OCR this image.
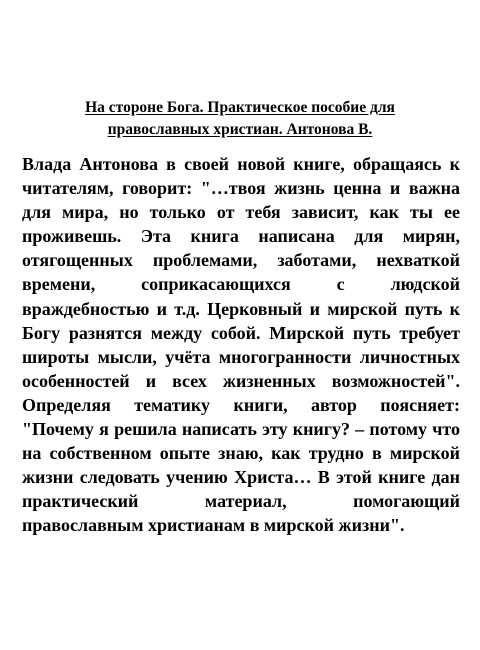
На стороне Бога. Практическое пособие для православных христиан. Антонова В.

Влада Антонова в своей новой книге, обращаясь к читателям, говорит: "…твоя жизнь ценна и важна для мира, но только от тебя зависит, как ты ее проживешь. Эта книга написана для мирян, отягощенных проблемами, заботами, нехваткой времени, соприкасающихся с людской враждебностью и т.д. Церковный и мирской путь к Богу разнятся между собой. Мирской путь требует широты мысли, учёта многогранности личностных особенностей и всех жизненных возможностей". Определяя тематику книги, автор поясняет: "Почему я решила написать эту книгу? – потому что на собственном опыте знаю, как трудно в мирской жизни следовать учению Христа… В этой книге дан практический материал, помогающий православным христианам в мирской жизни".
